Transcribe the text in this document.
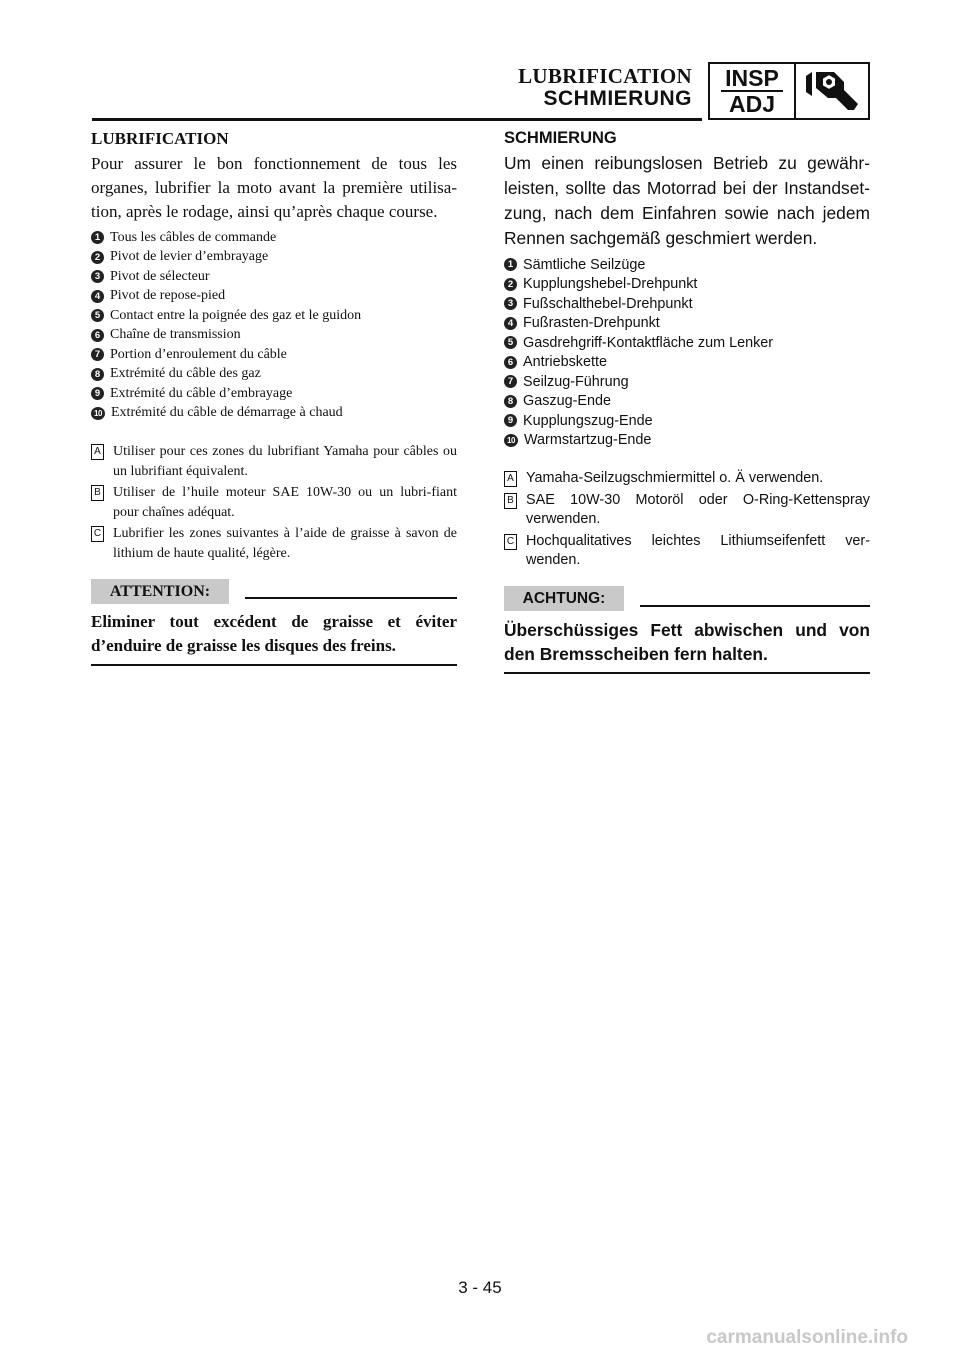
LUBRIFICATION
SCHMIERUNG
INSP
ADJ
LUBRIFICATION

Pour assurer le bon fonctionnement de tous les organes, lubrifier la moto avant la première utilisa-tion, après le rodage, ainsi qu’après chaque course.

1 Tous les câbles de commande
2 Pivot de levier d’embrayage
3 Pivot de sélecteur
4 Pivot de repose-pied
5 Contact entre la poignée des gaz et le guidon
6 Chaîne de transmission
7 Portion d’enroulement du câble
8 Extrémité du câble des gaz
9 Extrémité du câble d’embrayage
10 Extrémité du câble de démarrage à chaud
A Utiliser pour ces zones du lubrifiant Yamaha pour câbles ou un lubrifiant équivalent.
B Utiliser de l’huile moteur SAE 10W-30 ou un lubri-fiant pour chaînes adéquat.
C Lubrifier les zones suivantes à l’aide de graisse à savon de lithium de haute qualité, légère.
ATTENTION:

Eliminer tout excédent de graisse et éviter d’enduire de graisse les disques des freins.

SCHMIERUNG

Um einen reibungslosen Betrieb zu gewähr-leisten, sollte das Motorrad bei der Instandset-zung, nach dem Einfahren sowie nach jedem Rennen sachgemäß geschmiert werden.

1 Sämtliche Seilzüge
2 Kupplungshebel-Drehpunkt
3 Fußschalthebel-Drehpunkt
4 Fußrasten-Drehpunkt
5 Gasdrehgriff-Kontaktfläche zum Lenker
6 Antriebskette
7 Seilzug-Führung
8 Gaszug-Ende
9 Kupplungszug-Ende
10 Warmstartzug-Ende
A Yamaha-Seilzugschmiermittel o. Ä verwenden.
B SAE 10W-30 Motoröl oder O-Ring-Kettenspray verwenden.
C Hochqualitatives leichtes Lithiumseifenfett ver-wenden.
ACHTUNG:

Überschüssiges Fett abwischen und von den Bremsscheiben fern halten.

3 - 45
carmanualsonline.info
